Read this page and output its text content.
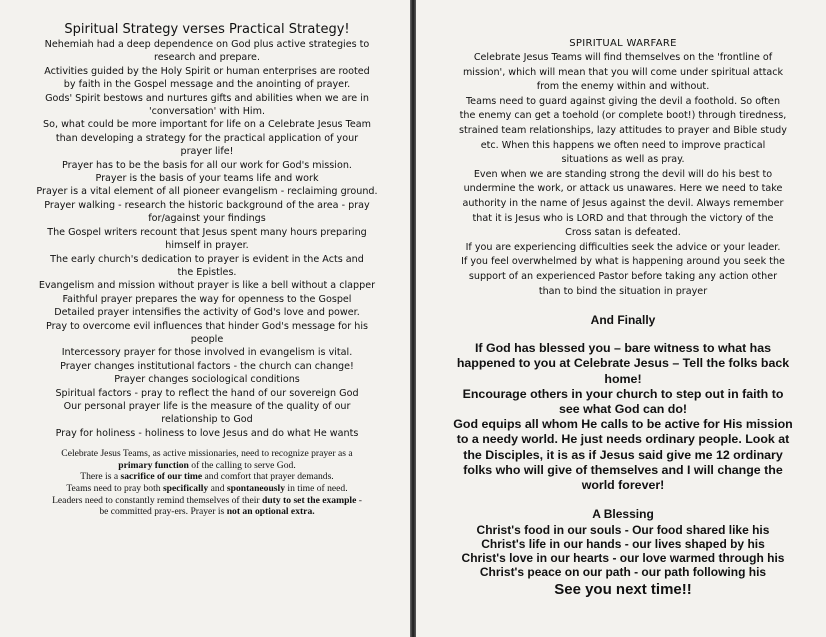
Spiritual Strategy verses Practical Strategy!

Nehemiah had a deep dependence on God plus active strategies to

research and prepare.

Activities guided by the Holy Spirit or human enterprises are rooted

by faith in the Gospel message and the anointing of prayer.

Gods' Spirit bestows and nurtures gifts and abilities when we are in

'conversation' with Him.

So, what could be more important for life on a Celebrate Jesus Team

than developing a strategy for the practical application of your

prayer life!

Prayer has to be the basis for all our work for God's mission.

Prayer is the basis of your teams life and work

Prayer is a vital element of all pioneer evangelism - reclaiming ground.

Prayer walking - research the historic background of the area - pray

for/against your findings

The Gospel writers recount that Jesus spent many hours preparing

himself in prayer.

The early church's dedication to prayer is evident in the Acts and

the Epistles.

Evangelism and mission without prayer is like a bell without a clapper

Faithful prayer prepares the way for openness to the Gospel

Detailed prayer intensifies the activity of God's love and power.

Pray to overcome evil influences that hinder God's message for his

people

Intercessory prayer for those involved in evangelism is vital.

Prayer changes institutional factors - the church can change!

Prayer changes sociological conditions

Spiritual factors - pray to reflect the hand of our sovereign God

Our personal prayer life is the measure of the quality of our

relationship to God

Pray for holiness - holiness to love Jesus and do what He wants

Celebrate Jesus Teams, as active missionaries, need to recognize prayer as a

primary function of the calling to serve God.

There is a sacrifice of our time and comfort that prayer demands.

Teams need to pray both specifically and spontaneously in time of need.

Leaders need to constantly remind themselves of their duty to set the example -

be committed pray-ers. Prayer is not an optional extra.

SPIRITUAL WARFARE

Celebrate Jesus Teams will find themselves on the 'frontline of

mission', which will mean that you will come under spiritual attack

from the enemy within and without.

Teams need to guard against giving the devil a foothold. So often

the enemy can get a toehold (or complete boot!) through tiredness,

strained team relationships, lazy attitudes to prayer and Bible study

etc. When this happens we often need to improve practical

situations as well as pray.

Even when we are standing strong the devil will do his best to

undermine the work, or attack us unawares. Here we need to take

authority in the name of Jesus against the devil. Always remember

that it is Jesus who is LORD and that through the victory of the

Cross satan is defeated.

If you are experiencing difficulties seek the advice or your leader.

If you feel overwhelmed by what is happening around you seek the

support of an experienced Pastor before taking any action other

than to bind the situation in prayer

And Finally

If God has blessed you – bare witness to what has

happened to you at Celebrate Jesus – Tell the folks back

home!

Encourage others in your church to step out in faith to

see what God can do!

God equips all whom He calls to be active for His mission

to a needy world. He just needs ordinary people. Look at

the Disciples, it is as if Jesus said give me 12 ordinary

folks who will give of themselves and I will change the

world forever!

A Blessing

Christ's food in our souls - Our food shared like his

Christ's life in our hands - our lives shaped by his

Christ's love in our hearts - our love warmed through his

Christ's peace on our path - our path following his

See you next time!!
